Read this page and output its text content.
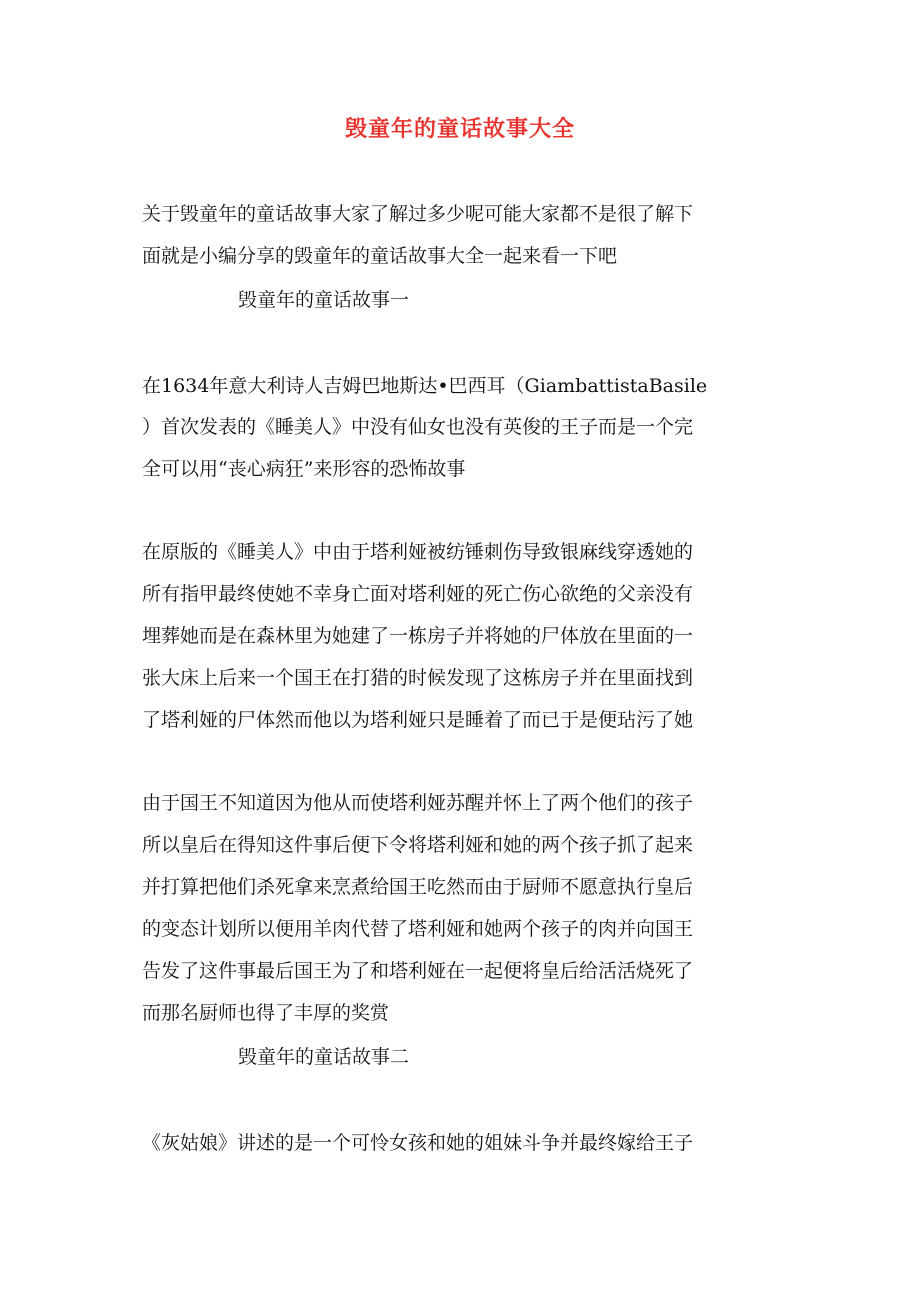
毁童年的童话故事大全
关于毁童年的童话故事大家了解过多少呢可能大家都不是很了解下
面就是小编分享的毁童年的童话故事大全一起来看一下吧
毁童年的童话故事一
在1634年意大利诗人吉姆巴地斯达•巴西耳（GiambattistaBasile
）首次发表的《睡美人》中没有仙女也没有英俊的王子而是一个完
全可以用“丧心病狂”来形容的恐怖故事
在原版的《睡美人》中由于塔利娅被纺锤刺伤导致银麻线穿透她的
所有指甲最终使她不幸身亡面对塔利娅的死亡伤心欲绝的父亲没有
埋葬她而是在森林里为她建了一栋房子并将她的尸体放在里面的一
张大床上后来一个国王在打猎的时候发现了这栋房子并在里面找到
了塔利娅的尸体然而他以为塔利娅只是睡着了而已于是便玷污了她
由于国王不知道因为他从而使塔利娅苏醒并怀上了两个他们的孩子
所以皇后在得知这件事后便下令将塔利娅和她的两个孩子抓了起来
并打算把他们杀死拿来烹煮给国王吃然而由于厨师不愿意执行皇后
的变态计划所以便用羊肉代替了塔利娅和她两个孩子的肉并向国王
告发了这件事最后国王为了和塔利娅在一起便将皇后给活活烧死了
而那名厨师也得了丰厚的奖赏
毁童年的童话故事二
《灰姑娘》讲述的是一个可怜女孩和她的姐妹斗争并最终嫁给王子
